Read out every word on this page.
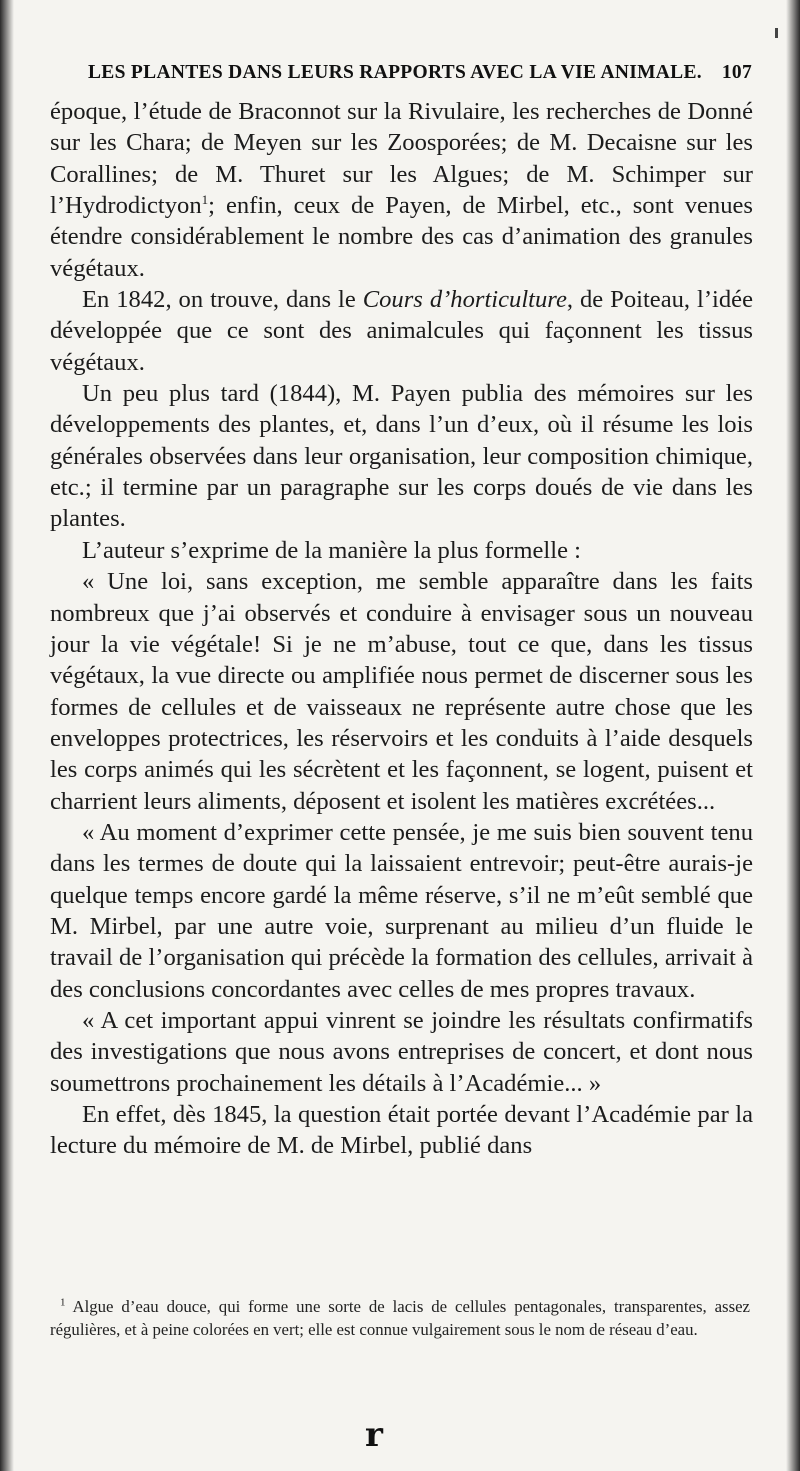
LES PLANTES DANS LEURS RAPPORTS AVEC LA VIE ANIMALE. 107

époque, l’étude de Braconnot sur la Rivulaire, les recherches de Donné sur les Chara; de Meyen sur les Zoosporées; de M. Decaisne sur les Corallines; de M. Thuret sur les Algues; de M. Schimper sur l’Hydrodictyon$^1$; enfin, ceux de Payen, de Mirbel, etc., sont venues étendre considérablement le nombre des cas d’animation des granules végétaux.

En 1842, on trouve, dans le Cours d’horticulture, de Poiteau, l’idée développée que ce sont des animalcules qui façonnent les tissus végétaux.

Un peu plus tard (1844), M. Payen publia des mémoires sur les développements des plantes, et, dans l’un d’eux, où il résume les lois générales observées dans leur organisation, leur composition chimique, etc.; il termine par un paragraphe sur les corps doués de vie dans les plantes.

L’auteur s’exprime de la manière la plus formelle :

« Une loi, sans exception, me semble apparaître dans les faits nombreux que j’ai observés et conduire à envisager sous un nouveau jour la vie végétale! Si je ne m’abuse, tout ce que, dans les tissus végétaux, la vue directe ou amplifiée nous permet de discerner sous les formes de cellules et de vaisseaux ne représente autre chose que les enveloppes protectrices, les réservoirs et les conduits à l’aide desquels les corps animés qui les sécrètent et les façonnent, se logent, puisent et charrient leurs aliments, déposent et isolent les matières excrétées...

« Au moment d’exprimer cette pensée, je me suis bien souvent tenu dans les termes de doute qui la laissaient entrevoir; peut-être aurais-je quelque temps encore gardé la même réserve, s’il ne m’eût semblé que M. Mirbel, par une autre voie, surprenant au milieu d’un fluide le travail de l’organisation qui précède la formation des cellules, arrivait à des conclusions concordantes avec celles de mes propres travaux.

« A cet important appui vinrent se joindre les résultats confirmatifs des investigations que nous avons entreprises de concert, et dont nous soumettrons prochainement les détails à l’Académie... »

En effet, dès 1845, la question était portée devant l’Académie par la lecture du mémoire de M. de Mirbel, publié dans

$^1$ Algue d’eau douce, qui forme une sorte de lacis de cellules pentagonales, transparentes, assez régulières, et à peine colorées en vert; elle est connue vulgairement sous le nom de réseau d’eau.

r
